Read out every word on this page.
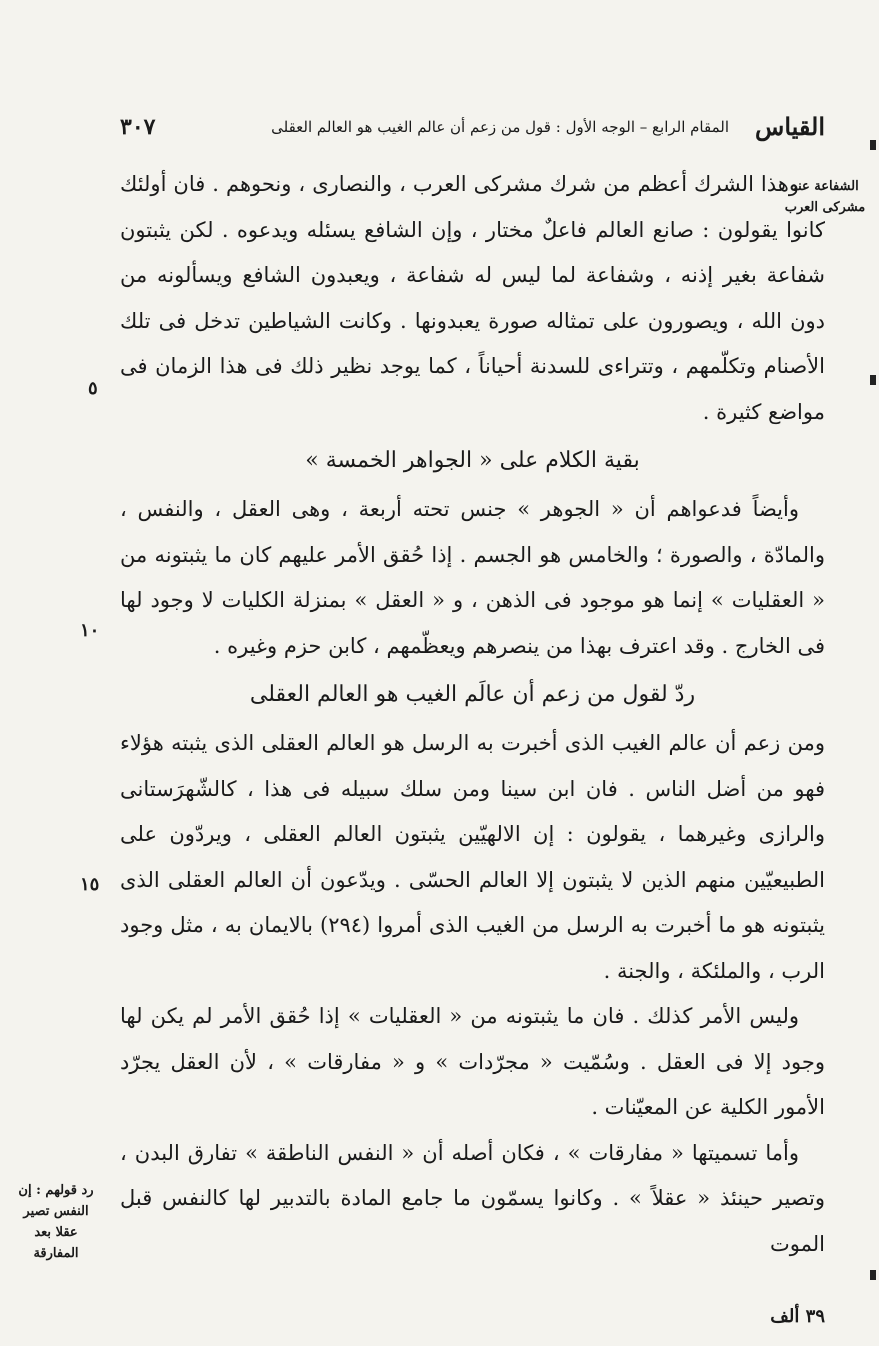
القياس
المقام الرابع – الوجه الأول : قول من زعم أن عالم الغيب هو العالم العقلى
٣٠٧
الشفاعة عند مشركى العرب
رد قولهم : إن النفس تصير عقلا بعد المفارقة
٥
١٠
١٥

وهذا الشرك أعظم من شرك مشركى العرب ، والنصارى ، ونحوهم . فان أولئك كانوا يقولون : صانع العالم فاعلٌ مختار ، وإن الشافع يسئله ويدعوه . لكن يثبتون شفاعة بغير إذنه ، وشفاعة لما ليس له شفاعة ، ويعبدون الشافع ويسألونه من دون الله ، ويصورون على تمثاله صورة يعبدونها . وكانت الشياطين تدخل فى تلك الأصنام وتكلّمهم ، وتتراءى للسدنة أحياناً ، كما يوجد نظير ذلك فى هذا الزمان فى مواضع كثيرة .

بقية الكلام على « الجواهر الخمسة »

وأيضاً فدعواهم أن « الجوهر » جنس تحته أربعة ، وهى العقل ، والنفس ، والمادّة ، والصورة ؛ والخامس هو الجسم . إذا حُقق الأمر عليهم كان ما يثبتونه من « العقليات » إنما هو موجود فى الذهن ، و « العقل » بمنزلة الكليات لا وجود لها فى الخارج . وقد اعترف بهذا من ينصرهم ويعظّمهم ، كابن حزم وغيره .

ردّ لقول من زعم أن عالَم الغيب هو العالم العقلى

ومن زعم أن عالم الغيب الذى أخبرت به الرسل هو العالم العقلى الذى يثبته هؤلاء فهو من أضل الناس . فان ابن سينا ومن سلك سبيله فى هذا ، كالشّهرَستانى والرازى وغيرهما ، يقولون : إن الالهيّين يثبتون العالم العقلى ، ويردّون على الطبيعيّين منهم الذين لا يثبتون إلا العالم الحسّى . ويدّعون أن العالم العقلى الذى يثبتونه هو ما أخبرت به الرسل من الغيب الذى أمروا (٢٩٤) بالايمان به ، مثل وجود الرب ، والملئكة ، والجنة .

وليس الأمر كذلك . فان ما يثبتونه من « العقليات » إذا حُقق الأمر لم يكن لها وجود إلا فى العقل . وسُمّيت « مجرّدات » و « مفارقات » ، لأن العقل يجرّد الأمور الكلية عن المعيّنات .

وأما تسميتها « مفارقات » ، فكان أصله أن « النفس الناطقة » تفارق البدن ، وتصير حينئذ « عقلاً » . وكانوا يسمّون ما جامع المادة بالتدبير لها كالنفس قبل الموت

٣٩ ألف
